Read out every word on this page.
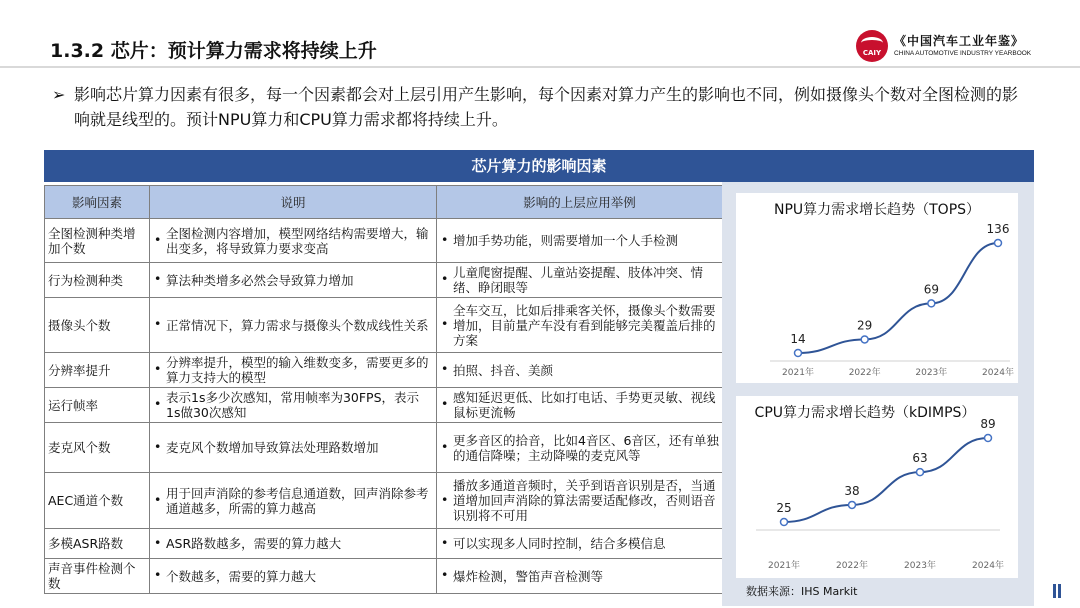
1.3.2 芯片：预计算力需求将持续上升	CAIY
《中国汽车工业年鉴》
CHINA AUTOMOTIVE INDUSTRY YEARBOOK
➢ 影响芯片算力因素有很多，每一个因素都会对上层引用产生影响，每个因素对算力产生的影响也不同，例如摄像头个数对全图检测的影响就是线型的。预计NPU算力和CPU算力需求都将持续上升。
芯片算力的影响因素
影响因素	说明	影响的上层应用举例
全图检测种类增加个数	• 全图检测内容增加，模型网络结构需要增大，输出变多，将导致算力要求变高	• 增加手势功能，则需要增加一个人手检测
行为检测种类	• 算法种类增多必然会导致算力增加	• 儿童爬窗提醒、儿童站姿提醒、肢体冲突、情绪、睁闭眼等
摄像头个数	• 正常情况下，算力需求与摄像头个数成线性关系	• 全车交互，比如后排乘客关怀，摄像头个数需要增加，目前量产车没有看到能够完美覆盖后排的方案
分辨率提升	• 分辨率提升，模型的输入维数变多，需要更多的算力支持大的模型	• 拍照、抖音、美颜
运行帧率	• 表示1s多少次感知，常用帧率为30FPS，表示1s做30次感知	• 感知延迟更低、比如打电话、手势更灵敏、视线鼠标更流畅
麦克风个数	• 麦克风个数增加导致算法处理路数增加	• 更多音区的拾音，比如4音区、6音区，还有单独的通信降噪；主动降噪的麦克风等
AEC通道个数	• 用于回声消除的参考信息通道数，回声消除参考通道越多，所需的算力越高	• 播放多通道音频时，关乎到语音识别是否，当通道增加回声消除的算法需要适配修改，否则语音识别将不可用
多模ASR路数	• ASR路数越多，需要的算力越大	• 可以实现多人同时控制，结合多模信息
声音事件检测个数	• 个数越多，需要的算力越大	• 爆炸检测，警笛声音检测等
NPU算力需求增长趋势（TOPS）
14
2021年
29
2022年
69
2023年
136
2024年
CPU算力需求增长趋势（kDIMPS）
25
2021年
38
2022年
63
2023年
89
2024年
数据来源：IHS Markit
